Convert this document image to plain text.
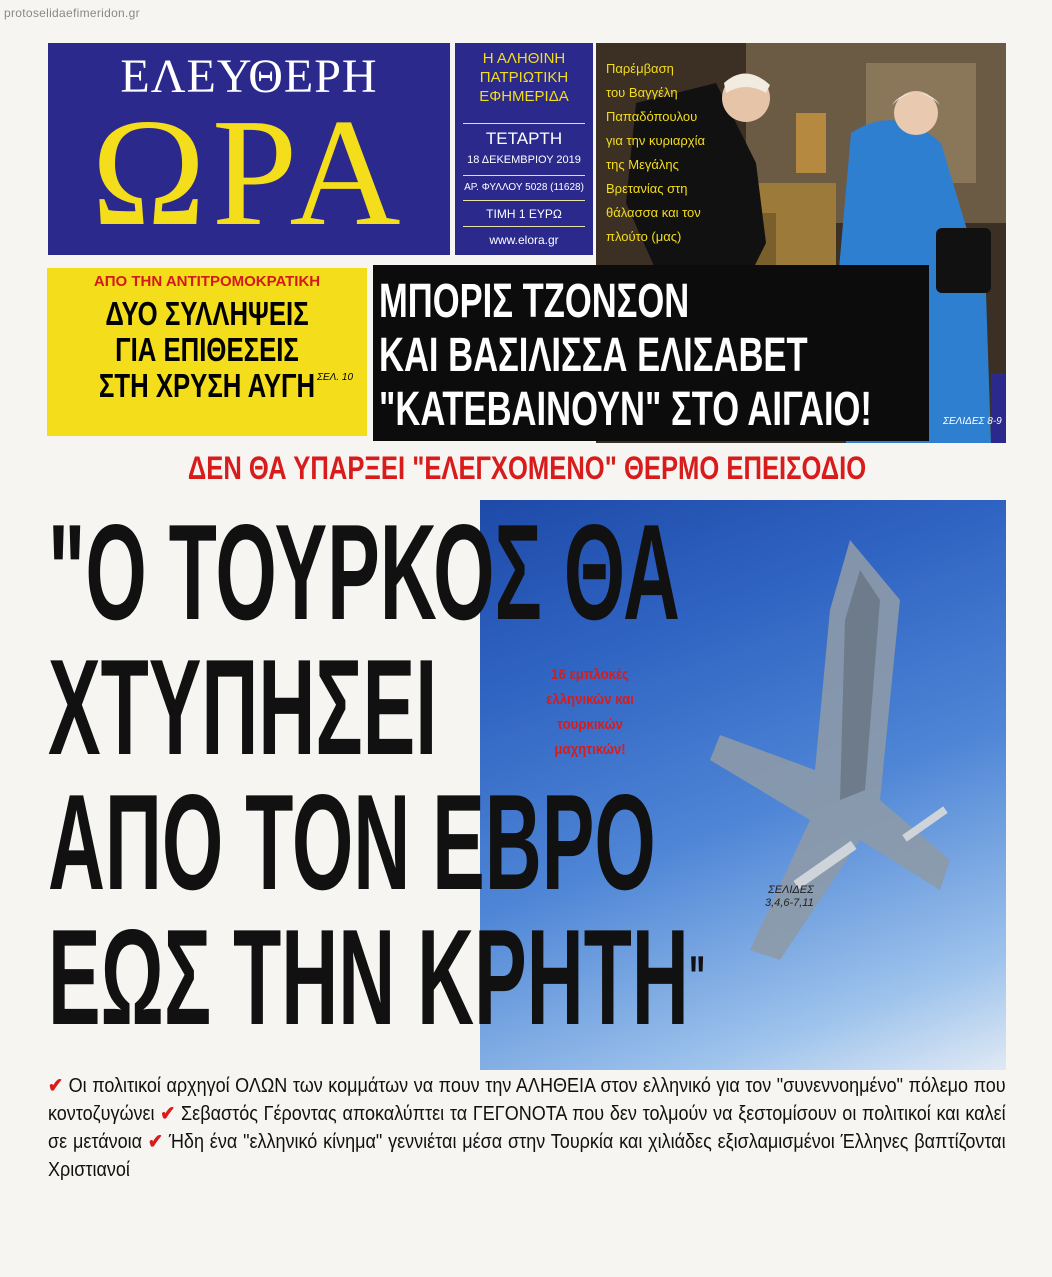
protoselidaefimeridon.gr
ΕΛΕΥΘΕΡΗ
ΩΡΑ
Η ΑΛΗΘΙΝΗ
ΠΑΤΡΙΩΤΙΚΗ
ΕΦΗΜΕΡΙΔΑ
ΤΕΤΑΡΤΗ
18 ΔΕΚΕΜΒΡΙΟΥ 2019
ΑΡ. ΦΥΛΛΟΥ 5028 (11628)
ΤΙΜΗ 1 ΕΥΡΩ
www.elora.gr
Παρέμβαση
του Βαγγέλη
Παπαδόπουλου
για την κυριαρχία
της Μεγάλης
Βρετανίας στη
θάλασσα και τον
πλούτο (μας)
ΑΠΟ ΤΗΝ ΑΝΤΙΤΡΟΜΟΚΡΑΤΙΚΗ
ΔΥΟ ΣΥΛΛΗΨΕΙΣ
ΓΙΑ ΕΠΙΘΕΣΕΙΣ
ΣΤΗ ΧΡΥΣΗ ΑΥΓΗ ΣΕΛ. 10
ΜΠΟΡΙΣ ΤΖΟΝΣΟΝ
ΚΑΙ ΒΑΣΙΛΙΣΣΑ ΕΛΙΣΑΒΕΤ
"ΚΑΤΕΒΑΙΝΟΥΝ" ΣΤΟ ΑΙΓΑΙΟ!	ΣΕΛΙΔΕΣ 8-9
ΔΕΝ ΘΑ ΥΠΑΡΞΕΙ "ΕΛΕΓΧΟΜΕΝΟ" ΘΕΡΜΟ ΕΠΕΙΣΟΔΙΟ
"Ο ΤΟΥΡΚΟΣ ΘΑ
ΧΤΥΠΗΣΕΙ
ΑΠΟ ΤΟΝ ΕΒΡΟ
ΕΩΣ ΤΗΝ ΚΡΗΤΗ"
16 εμπλοκές
ελληνικών και
τουρκικών
μαχητικών!
ΣΕΛΙΔΕΣ
3,4,6-7,11
✔ Οι πολιτικοί αρχηγοί ΟΛΩΝ των κομμάτων να πουν την ΑΛΗΘΕΙΑ στον ελληνικό για τον "συνεννοημένο" πόλεμο που κοντοζυγώνει ✔ Σεβαστός Γέροντας αποκαλύπτει τα ΓΕΓΟΝΟΤΑ που δεν τολμούν να ξεστομίσουν οι πολιτικοί και καλεί σε μετάνοια ✔ Ήδη ένα "ελληνικό κίνημα" γεννιέται μέσα στην Τουρκία και χιλιάδες εξισλαμισμένοι Έλληνες βαπτίζονται Χριστιανοί
